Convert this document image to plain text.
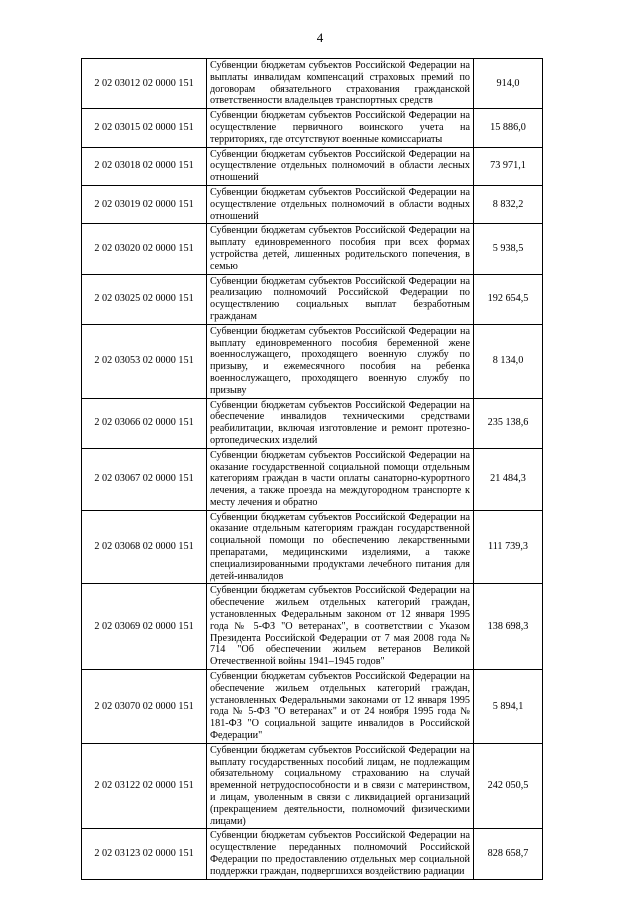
4
2 02 03012 02 0000 151	Субвенции бюджетам субъектов Российской Федерации на выплаты инвалидам компенсаций страховых премий по договорам обязательного страхования гражданской ответственности владельцев транспортных средств	914,0
2 02 03015 02 0000 151	Субвенции бюджетам субъектов Российской Федерации на осуществление первичного воинского учета на территориях, где отсутствуют военные комиссариаты	15 886,0
2 02 03018 02 0000 151	Субвенции бюджетам субъектов Российской Федерации на осуществление отдельных полномочий в области лесных отношений	73 971,1
2 02 03019 02 0000 151	Субвенции бюджетам субъектов Российской Федерации на осуществление отдельных полномочий в области водных отношений	8 832,2
2 02 03020 02 0000 151	Субвенции бюджетам субъектов Российской Федерации на выплату единовременного пособия при всех формах устройства детей, лишенных родительского попечения, в семью	5 938,5
2 02 03025 02 0000 151	Субвенции бюджетам субъектов Российской Федерации на реализацию полномочий Российской Федерации по осуществлению социальных выплат безработным гражданам	192 654,5
2 02 03053 02 0000 151	Субвенции бюджетам субъектов Российской Федерации на выплату единовременного пособия беременной жене военнослужащего, проходящего военную службу по призыву, и ежемесячного пособия на ребенка военнослужащего, проходящего военную службу по призыву	8 134,0
2 02 03066 02 0000 151	Субвенции бюджетам субъектов Российской Федерации на обеспечение инвалидов техническими средствами реабилитации, включая изготовление и ремонт протезно-ортопедических изделий	235 138,6
2 02 03067 02 0000 151	Субвенции бюджетам субъектов Российской Федерации на оказание государственной социальной помощи отдельным категориям граждан в части оплаты санаторно-курортного лечения, а также проезда на междугородном транспорте к месту лечения и обратно	21 484,3
2 02 03068 02 0000 151	Субвенции бюджетам субъектов Российской Федерации на оказание отдельным категориям граждан государственной социальной помощи по обеспечению лекарственными препаратами, медицинскими изделиями, а также специализированными продуктами лечебного питания для детей-инвалидов	111 739,3
2 02 03069 02 0000 151	Субвенции бюджетам субъектов Российской Федерации на обеспечение жильем отдельных категорий граждан, установленных Федеральным законом от 12 января 1995 года № 5-ФЗ "О ветеранах", в соответствии с Указом Президента Российской Федерации от 7 мая 2008 года № 714 "Об обеспечении жильем ветеранов Великой Отечественной войны 1941–1945 годов"	138 698,3
2 02 03070 02 0000 151	Субвенции бюджетам субъектов Российской Федерации на обеспечение жильем отдельных категорий граждан, установленных Федеральными законами от 12 января 1995 года № 5-ФЗ "О ветеранах" и от 24 ноября 1995 года № 181-ФЗ "О социальной защите инвалидов в Российской Федерации"	5 894,1
2 02 03122 02 0000 151	Субвенции бюджетам субъектов Российской Федерации на выплату государственных пособий лицам, не подлежащим обязательному социальному страхованию на случай временной нетрудоспособности и в связи с материнством, и лицам, уволенным в связи с ликвидацией организаций (прекращением деятельности, полномочий физическими лицами)	242 050,5
2 02 03123 02 0000 151	Субвенции бюджетам субъектов Российской Федерации на осуществление переданных полномочий Российской Федерации по предоставлению отдельных мер социальной поддержки граждан, подвергшихся воздействию радиации	828 658,7
